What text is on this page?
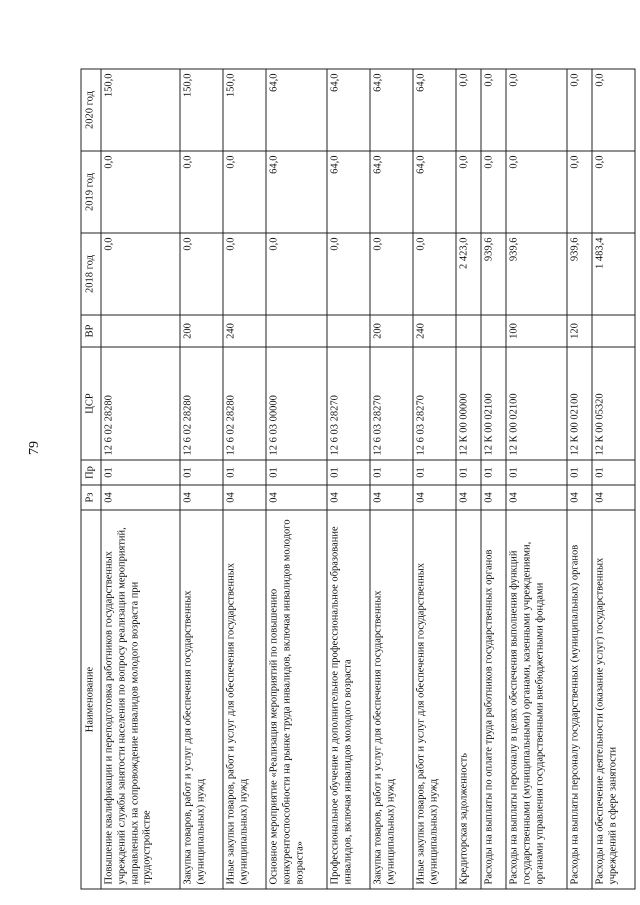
79
Наименование	Рз	Пр	ЦСР	ВР	2018 год	2019 год	2020 год
Повышение квалификации и переподготовка работников государственных учреждений службы занятости населения по вопросу реализации мероприятий, направленных на сопровождение инвалидов молодого возраста при трудоустройстве	04	01	12 6 02 28280		0,0	0,0	150,0
Закупка товаров, работ и услуг для обеспечения государственных (муниципальных) нужд	04	01	12 6 02 28280	200	0,0	0,0	150,0
Иные закупки товаров, работ и услуг для обеспечения государственных (муниципальных) нужд	04	01	12 6 02 28280	240	0,0	0,0	150,0
Основное мероприятие «Реализация мероприятий по повышению конкурентоспособности на рынке труда инвалидов, включая инвалидов молодого возраста»	04	01	12 6 03 00000		0,0	64,0	64,0
Профессиональное обучение и дополнительное профессиональное образование инвалидов, включая инвалидов молодого возраста	04	01	12 6 03 28270		0,0	64,0	64,0
Закупка товаров, работ и услуг для обеспечения государственных (муниципальных) нужд	04	01	12 6 03 28270	200	0,0	64,0	64,0
Иные закупки товаров, работ и услуг для обеспечения государственных (муниципальных) нужд	04	01	12 6 03 28270	240	0,0	64,0	64,0
Кредиторская задолженность	04	01	12 К 00 00000		2 423,0	0,0	0,0
Расходы на выплаты по оплате труда работников государственных органов	04	01	12 К 00 02100		939,6	0,0	0,0
Расходы на выплаты персоналу в целях обеспечения выполнения функций государственными (муниципальными) органами, казенными учреждениями, органами управления государственными внебюджетными фондами	04	01	12 К 00 02100	100	939,6	0,0	0,0
Расходы на выплаты персоналу государственных (муниципальных) органов	04	01	12 К 00 02100	120	939,6	0,0	0,0
Расходы на обеспечение деятельности (оказание услуг) государственных учреждений в сфере занятости	04	01	12 К 00 05320		1 483,4	0,0	0,0
